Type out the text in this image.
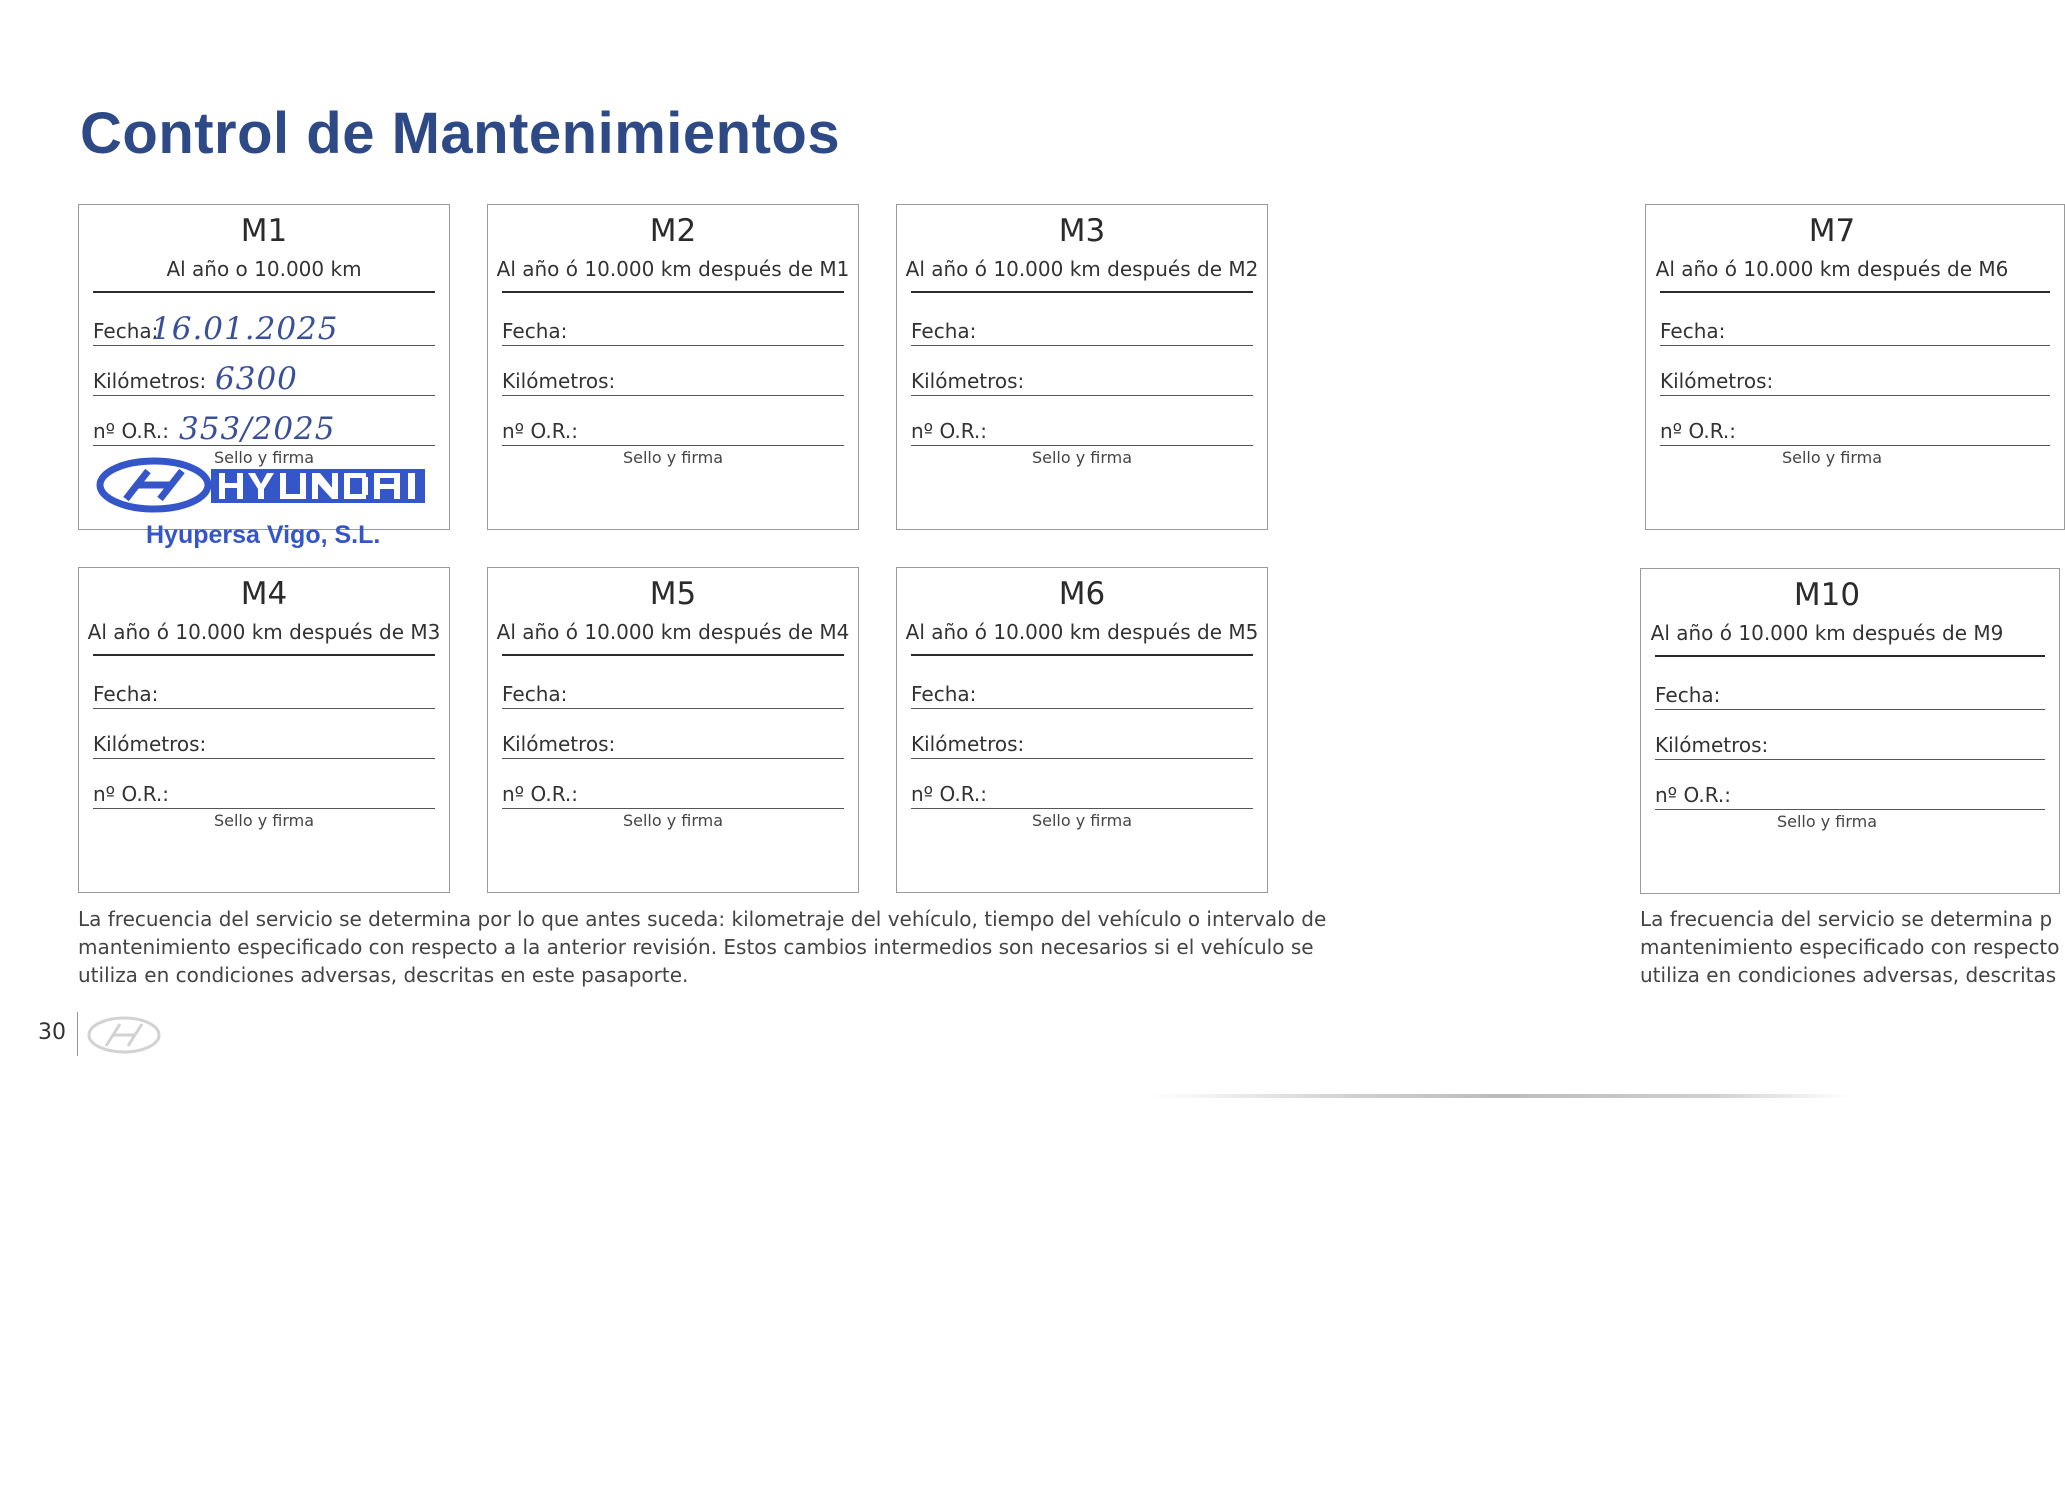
Control de Mantenimientos
M1
Al año o 10.000 km
Fecha:
16.01.2025
Kilómetros: 6300
nº O.R.: 353/2025
Sello y firma
Hyupersa Vigo, S.L.
M2
Al año ó 10.000 km después de M1
Fecha:
Kilómetros:
nº O.R.:
Sello y firma
M3
Al año ó 10.000 km después de M2
Fecha:
Kilómetros:
nº O.R.:
Sello y firma
M4
Al año ó 10.000 km después de M3
Fecha:
Kilómetros:
nº O.R.:
Sello y firma
M5
Al año ó 10.000 km después de M4
Fecha:
Kilómetros:
nº O.R.:
Sello y firma
M6
Al año ó 10.000 km después de M5
Fecha:
Kilómetros:
nº O.R.:
Sello y firma

La frecuencia del servicio se determina por lo que antes suceda: kilometraje del vehículo, tiempo del vehículo o intervalo de
mantenimiento especificado con respecto a la anterior revisión. Estos cambios intermedios son necesarios si el vehículo se
utiliza en condiciones adversas, descritas en este pasaporte.

30
M7
Al año ó 10.000 km después de M6
Fecha:
Kilómetros:
nº O.R.:
Sello y firma
M10
Al año ó 10.000 km después de M9
Fecha:
Kilómetros:
nº O.R.:
Sello y firma

La frecuencia del servicio se determina p
mantenimiento especificado con respecto
utiliza en condiciones adversas, descritas
